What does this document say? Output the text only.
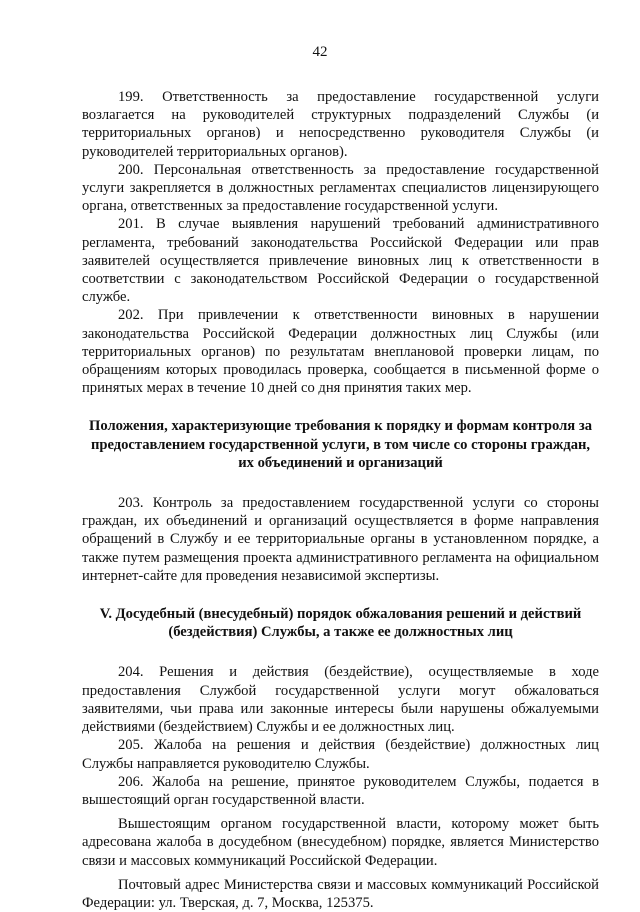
42

199. Ответственность за предоставление государственной услуги возлагается на руководителей структурных подразделений Службы (и территориальных органов) и непосредственно руководителя Службы (и руководителей территориальных органов).

200. Персональная ответственность за предоставление государственной услуги закрепляется в должностных регламентах специалистов лицензирующего органа, ответственных за предоставление государственной услуги.

201. В случае выявления нарушений требований административного регламента, требований законодательства Российской Федерации или прав заявителей осуществляется привлечение виновных лиц к ответственности в соответствии с законодательством Российской Федерации о государственной службе.

202. При привлечении к ответственности виновных в нарушении законодательства Российской Федерации должностных лиц Службы (или территориальных органов) по результатам внеплановой проверки лицам, по обращениям которых проводилась проверка, сообщается в письменной форме о принятых мерах в течение 10 дней со дня принятия таких мер.

Положения, характеризующие требования к порядку и формам контроля за предоставлением государственной услуги, в том числе со стороны граждан, их объединений и организаций

203. Контроль за предоставлением государственной услуги со стороны граждан, их объединений и организаций осуществляется в форме направления обращений в Службу и ее территориальные органы в установленном порядке, а также путем размещения проекта административного регламента на официальном интернет-сайте для проведения независимой экспертизы.

V. Досудебный (внесудебный) порядок обжалования решений и действий (бездействия) Службы, а также ее должностных лиц

204. Решения и действия (бездействие), осуществляемые в ходе предоставления Службой государственной услуги могут обжаловаться заявителями, чьи права или законные интересы были нарушены обжалуемыми действиями (бездействием) Службы и ее должностных лиц.

205. Жалоба на решения и действия (бездействие) должностных лиц Службы направляется руководителю Службы.

206. Жалоба на решение, принятое руководителем Службы, подается в вышестоящий орган государственной власти.

Вышестоящим органом государственной власти, которому может быть адресована жалоба в досудебном (внесудебном) порядке, является Министерство связи и массовых коммуникаций Российской Федерации.

Почтовый адрес Министерства связи и массовых коммуникаций Российской Федерации: ул. Тверская, д. 7, Москва, 125375.
